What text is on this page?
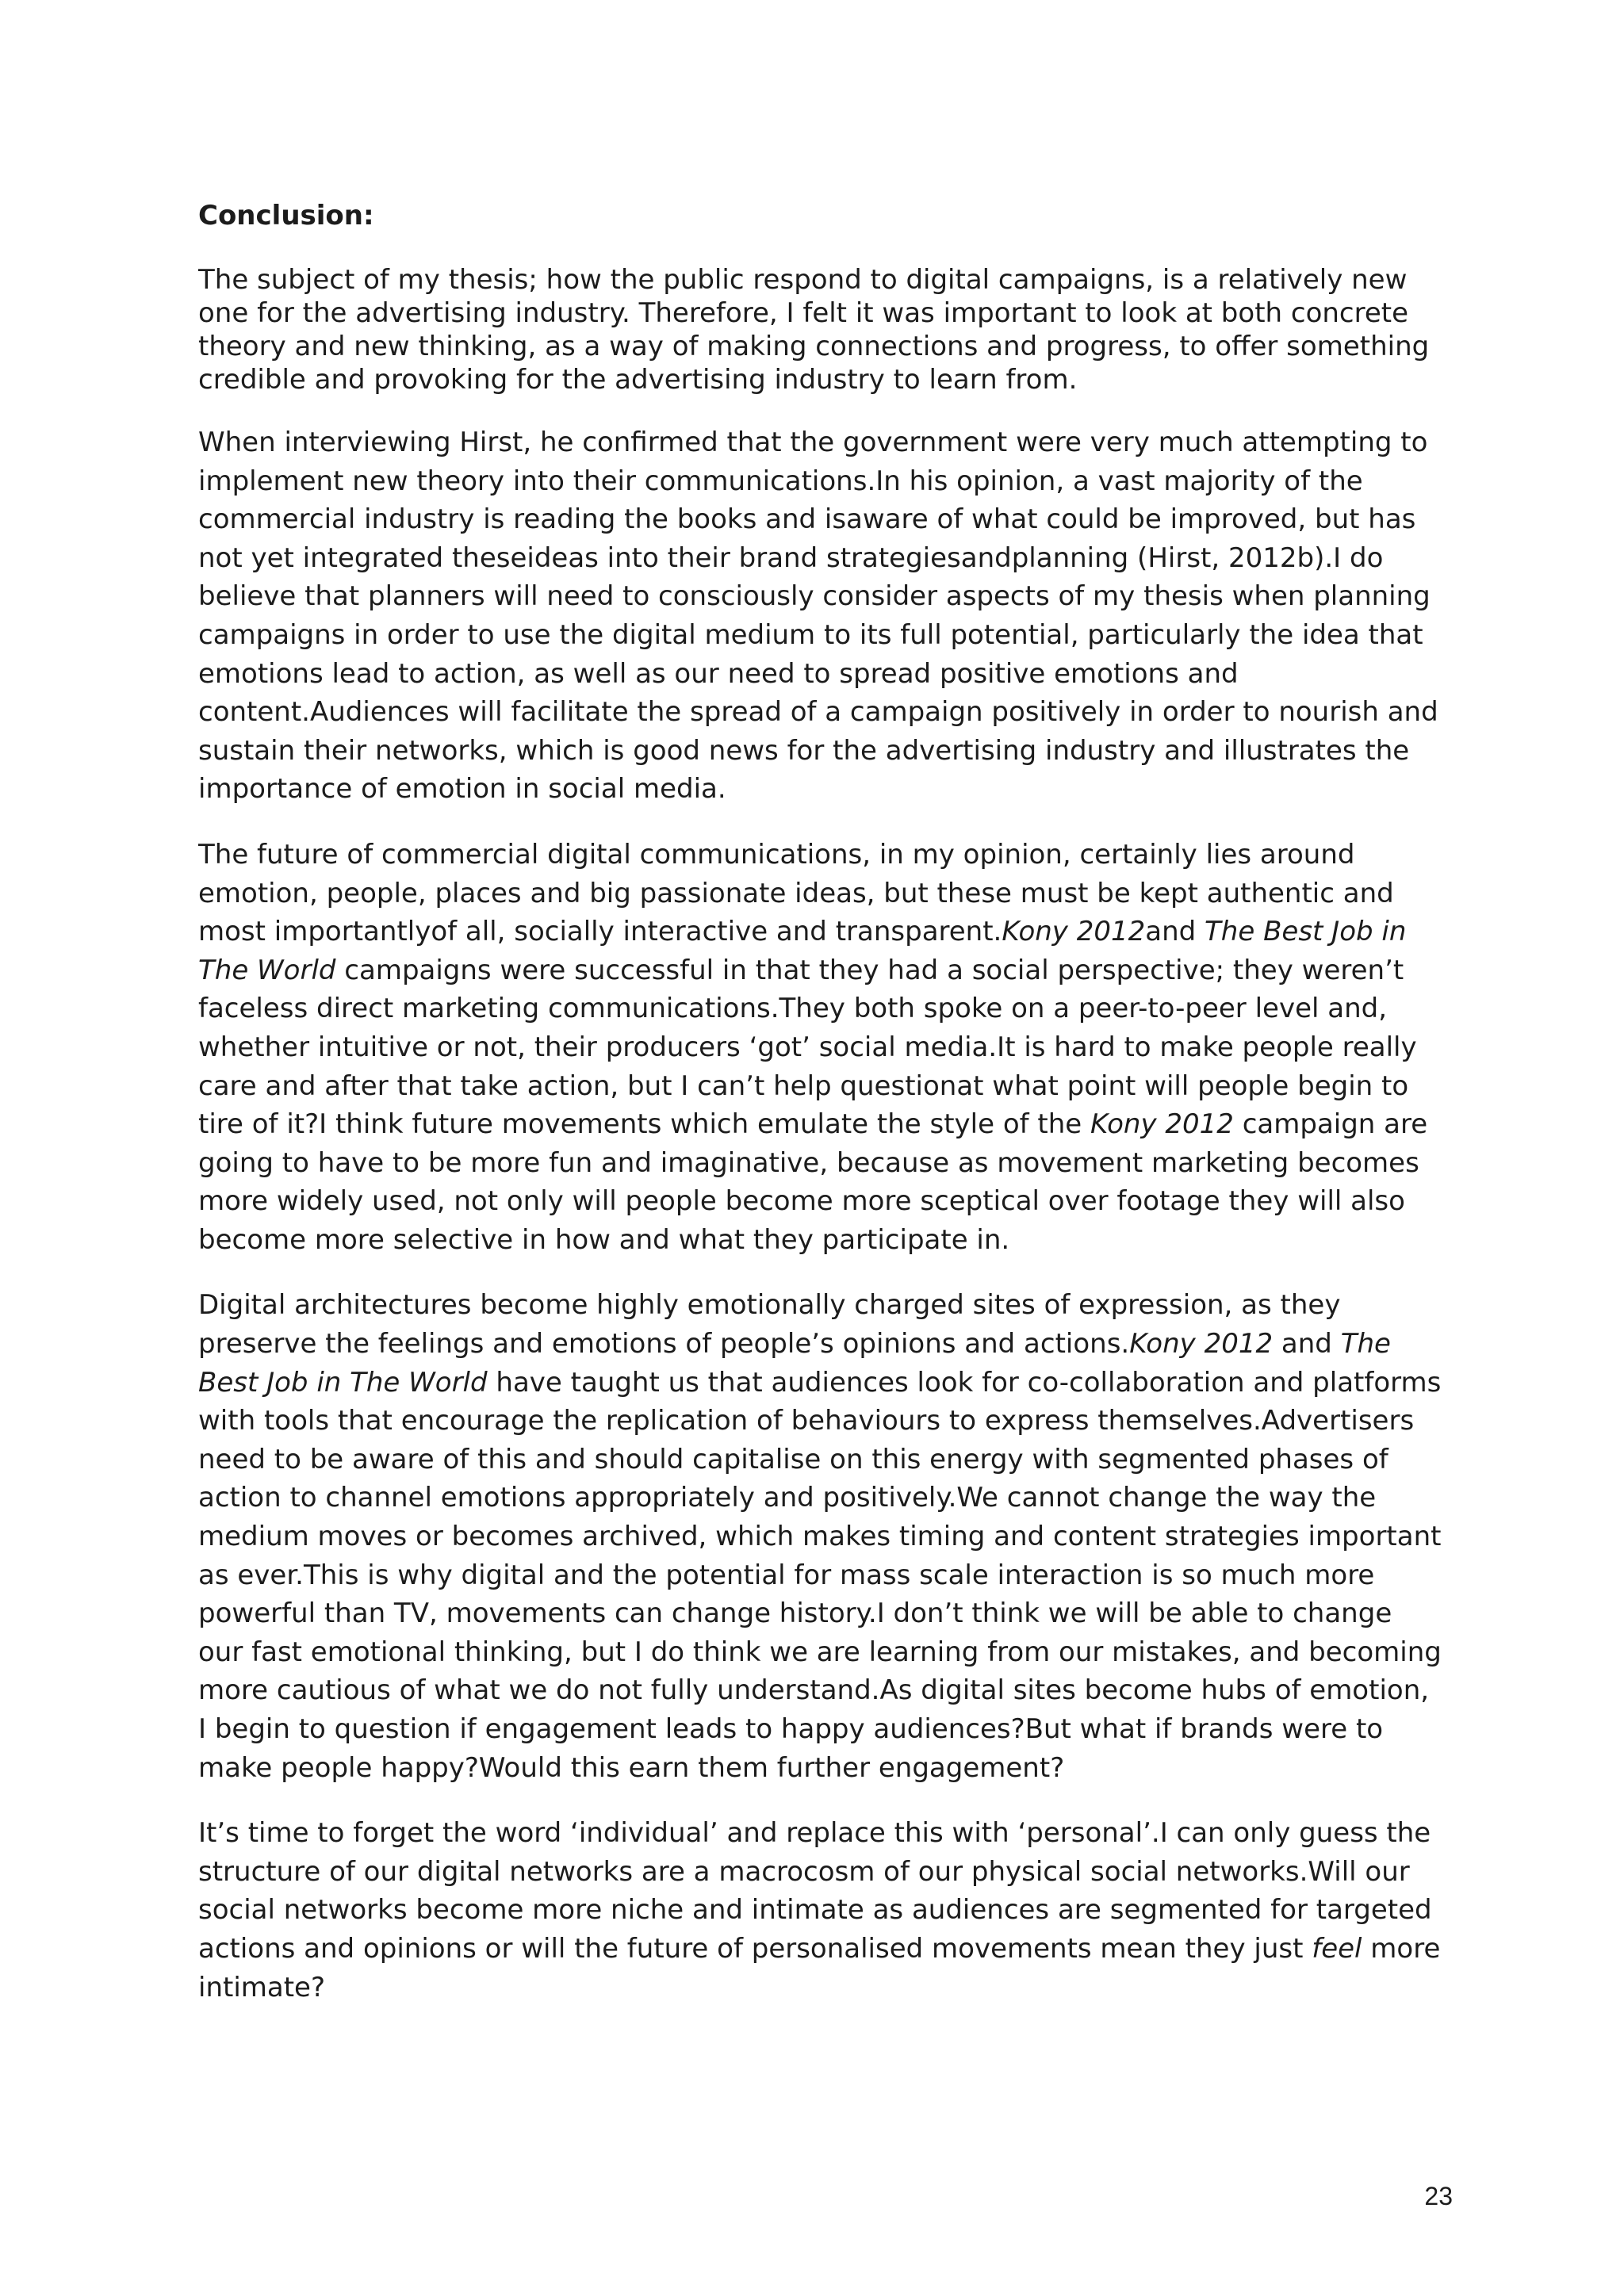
Conclusion:

The subject of my thesis; how the public respond to digital campaigns, is a relatively new one for the advertising industry. Therefore, I felt it was important to look at both concrete theory and new thinking, as a way of making connections and progress, to offer something credible and provoking for the advertising industry to learn from.

When interviewing Hirst, he confirmed that the government were very much attempting to implement new theory into their communications.In his opinion, a vast majority of the commercial industry is reading the books and isaware of what could be improved, but has not yet integrated theseideas into their brand strategiesandplanning (Hirst, 2012b).I do believe that planners will need to consciously consider aspects of my thesis when planning campaigns in order to use the digital medium to its full potential, particularly the idea that emotions lead to action, as well as our need to spread positive emotions and content.Audiences will facilitate the spread of a campaign positively in order to nourish and sustain their networks, which is good news for the advertising industry and illustrates the importance of emotion in social media.

The future of commercial digital communications, in my opinion, certainly lies around emotion, people, places and big passionate ideas, but these must be kept authentic and most importantlyof all, socially interactive and transparent.Kony 2012and The Best Job in The World campaigns were successful in that they had a social perspective; they weren’t faceless direct marketing communications.They both spoke on a peer-to-peer level and, whether intuitive or not, their producers ‘got’ social media.It is hard to make people really care and after that take action, but I can’t help questionat what point will people begin to tire of it?I think future movements which emulate the style of the Kony 2012 campaign are going to have to be more fun and imaginative, because as movement marketing becomes more widely used, not only will people become more sceptical over footage they will also become more selective in how and what they participate in.

Digital architectures become highly emotionally charged sites of expression, as they preserve the feelings and emotions of people’s opinions and actions.Kony 2012 and The Best Job in The World have taught us that audiences look for co-collaboration and platforms with tools that encourage the replication of behaviours to express themselves.Advertisers need to be aware of this and should capitalise on this energy with segmented phases of action to channel emotions appropriately and positively.We cannot change the way the medium moves or becomes archived, which makes timing and content strategies important as ever.This is why digital and the potential for mass scale interaction is so much more powerful than TV, movements can change history.I don’t think we will be able to change our fast emotional thinking, but I do think we are learning from our mistakes, and becoming more cautious of what we do not fully understand.As digital sites become hubs of emotion, I begin to question if engagement leads to happy audiences?But what if brands were to make people happy?Would this earn them further engagement?

It’s time to forget the word ‘individual’ and replace this with ‘personal’.I can only guess the structure of our digital networks are a macrocosm of our physical social networks.Will our social networks become more niche and intimate as audiences are segmented for targeted actions and opinions or will the future of personalised movements mean they just feel more intimate?

23
